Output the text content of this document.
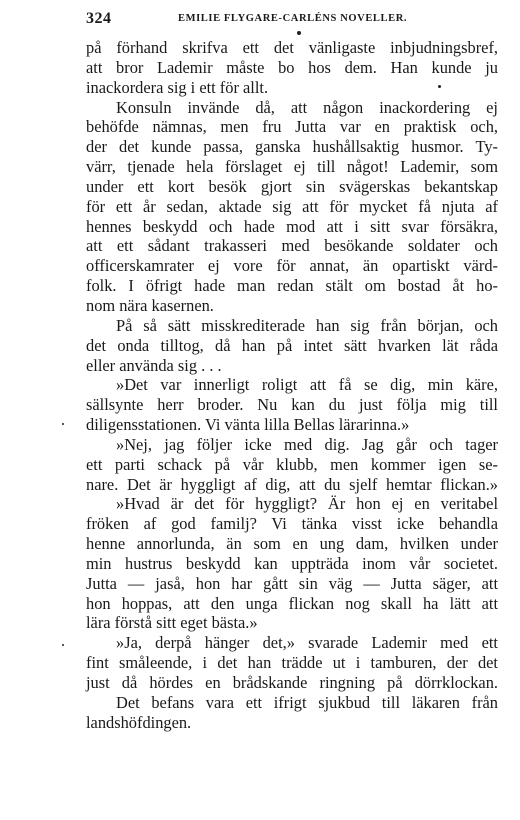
324	EMILIE FLYGARE-CARLÉNS NOVELLER.
på förhand skrifva ett det vänligaste inbjudningsbref,
att bror Lademir måste bo hos dem. Han kunde ju
inackordera sig i ett för allt.
Konsuln invände då, att någon inackordering ej
behöfde nämnas, men fru Jutta var en praktisk och,
der det kunde passa, ganska hushållsaktig husmor. Ty-
värr, tjenade hela förslaget ej till något! Lademir, som
under ett kort besök gjort sin svägerskas bekantskap
för ett år sedan, aktade sig att för mycket få njuta af
hennes beskydd och hade mod att i sitt svar försäkra,
att ett sådant trakasseri med besökande soldater och
officerskamrater ej vore för annat, än opartiskt värd-
folk. I öfrigt hade man redan stält om bostad åt ho-
nom nära kasernen.
På så sätt misskrediterade han sig från början, och
det onda tilltog, då han på intet sätt hvarken lät råda
eller använda sig . . .
»Det var innerligt roligt att få se dig, min käre,
sällsynte herr broder. Nu kan du just följa mig till
diligensstationen. Vi vänta lilla Bellas lärarinna.»
»Nej, jag följer icke med dig. Jag går och tager
ett parti schack på vår klubb, men kommer igen se-
nare. Det är hyggligt af dig, att du sjelf hemtar flickan.»
»Hvad är det för hyggligt? Är hon ej en veritabel
fröken af god familj? Vi tänka visst icke behandla
henne annorlunda, än som en ung dam, hvilken under
min hustrus beskydd kan uppträda inom vår societet.
Jutta — jaså, hon har gått sin väg — Jutta säger, att
hon hoppas, att den unga flickan nog skall ha lätt att
lära förstå sitt eget bästa.»
»Ja, derpå hänger det,» svarade Lademir med ett
fint småleende, i det han trädde ut i tamburen, der det
just då hördes en brådskande ringning på dörrklockan.
Det befans vara ett ifrigt sjukbud till läkaren från
landshöfdingen.
